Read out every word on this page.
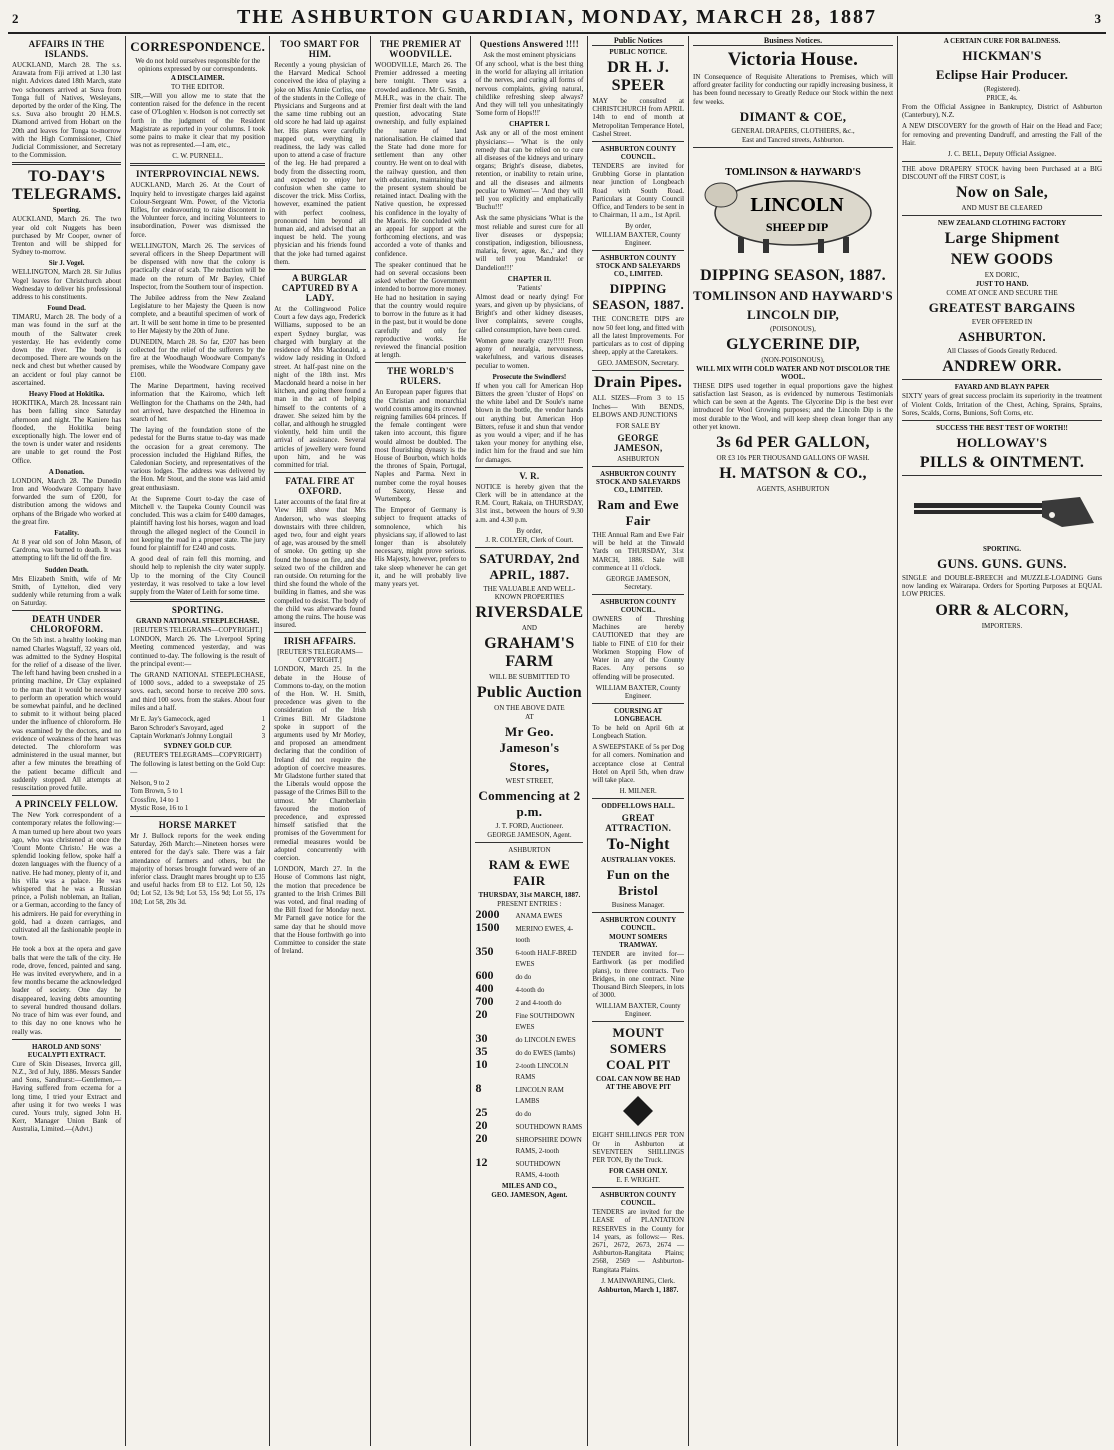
2	THE ASHBURTON GUARDIAN, MONDAY, MARCH 28, 1887	3
AFFAIRS IN THE ISLANDS.

AUCKLAND, March 28. The s.s. Arawata from Fiji arrived at 1.30 last night. Advices dated 18th March, state two schooners arrived at Suva from Tonga full of Natives, Wesleyans, deported by the order of the King. The s.s. Suva also brought 20 H.M.S. Diamond arrived from Hobart on the 20th and leaves for Tonga to-morrow with the High Commissioner, Chief Judicial Commissioner, and Secretary to the Commission.

TO-DAY'S TELEGRAMS.
Sporting.

AUCKLAND, March 26. The two year old colt Nuggets has been purchased by Mr Cooper, owner of Trenton and will be shipped for Sydney to-morrow.

Sir J. Vogel.

WELLINGTON, March 28. Sir Julius Vogel leaves for Christchurch about Wednesday to deliver his professional address to his constituents.

Found Dead.

TIMARU, March 28. The body of a man was found in the surf at the mouth of the Saltwater creek yesterday. He has evidently come down the river. The body is decomposed. There are wounds on the neck and chest but whether caused by an accident or foul play cannot be ascertained.

Heavy Flood at Hokitika.

HOKITIKA, March 28. Incessant rain has been falling since Saturday afternoon and night. The Kaniere has flooded, the Hokitika being exceptionally high. The lower end of the town is under water and residents are unable to get round the Post Office.

A Donation.

LONDON, March 28. The Dunedin Iron and Woodware Company have forwarded the sum of £200, for distribution among the widows and orphans of the Brigade who worked at the great fire.

Fatality.

At 8 year old son of John Mason, of Cardrona, was burned to death. It was attempting to lift the lid off the fire.

Sudden Death.

Mrs Elizabeth Smith, wife of Mr Smith, of Lyttelton, died very suddenly while returning from a walk on Saturday.

DEATH UNDER CHLOROFORM.

On the 5th inst. a healthy looking man named Charles Wagstaff, 32 years old, was admitted to the Sydney Hospital for the relief of a disease of the liver. The left hand having been crushed in a printing machine, Dr Clay explained to the man that it would be necessary to perform an operation which would be somewhat painful, and he declined to submit to it without being placed under the influence of chloroform. He was examined by the doctors, and no evidence of weakness of the heart was detected. The chloroform was administered in the usual manner, but after a few minutes the breathing of the patient became difficult and suddenly stopped. All attempts at resuscitation proved futile.

A PRINCELY FELLOW.

The New York correspondent of a contemporary relates the following:—A man turned up here about two years ago, who was christened at once the 'Count Monte Christo.' He was a splendid looking fellow, spoke half a dozen languages with the fluency of a native. He had money, plenty of it, and his villa was a palace. He was whispered that he was a Russian prince, a Polish nobleman, an Italian, or a German, according to the fancy of his admirers. He paid for everything in gold, had a dozen carriages, and cultivated all the fashionable people in town.

He took a box at the opera and gave balls that were the talk of the city. He rode, drove, fenced, painted and sang. He was invited everywhere, and in a few months became the acknowledged leader of society. One day he disappeared, leaving debts amounting to several hundred thousand dollars. No trace of him was ever found, and to this day no one knows who he really was.

HAROLD AND SONS' EUCALYPTI EXTRACT.

Cure of Skin Diseases, Inverca gill, N.Z., 3rd of July, 1886. Messrs Sander and Sons, Sandhurst:—Gentlemen,—Having suffered from eczema for a long time, I tried your Extract and after using it for two weeks I was cured. Yours truly, signed John H. Kerr, Manager Union Bank of Australia, Limited.—(Advt.)

CORRESPONDENCE.
We do not hold ourselves responsible for the opinions expressed by our correspondents.
A DISCLAIMER.
TO THE EDITOR.

SIR,—Will you allow me to state that the contention raised for the defence in the recent case of O'Loghlen v. Hodson is not correctly set forth in the judgment of the Resident Magistrate as reported in your columns. I took some pains to make it clear that my position was not as represented.—I am, etc.,

C. W. PURNELL.
INTERPROVINCIAL NEWS.

AUCKLAND, March 26. At the Court of Inquiry held to investigate charges laid against Colour-Sergeant Wm. Power, of the Victoria Rifles, for endeavouring to raise discontent in the Volunteer force, and inciting Volunteers to insubordination, Power was dismissed the force.

WELLINGTON, March 26. The services of several officers in the Sheep Department will be dispensed with now that the colony is practically clear of scab. The reduction will be made on the return of Mr Bayley, Chief Inspector, from the Southern tour of inspection.

The Jubilee address from the New Zealand Legislature to her Majesty the Queen is now complete, and a beautiful specimen of work of art. It will be sent home in time to be presented to Her Majesty by the 20th of June.

DUNEDIN, March 28. So far, £207 has been collected for the relief of the sufferers by the fire at the Woodhaugh Woodware Company's premises, while the Woodware Company gave £100.

The Marine Department, having received information that the Kairomo, which left Wellington for the Chathams on the 24th, had not arrived, have despatched the Hinemoa in search of her.

The laying of the foundation stone of the pedestal for the Burns statue to-day was made the occasion for a great ceremony. The procession included the Highland Rifles, the Caledonian Society, and representatives of the various lodges. The address was delivered by the Hon. Mr Stout, and the stone was laid amid great enthusiasm.

At the Supreme Court to-day the case of Mitchell v. the Taupeka County Council was concluded. This was a claim for £400 damages, plaintiff having lost his horses, wagon and load through the alleged neglect of the Council in not keeping the road in a proper state. The jury found for plaintiff for £240 and costs.

A good deal of rain fell this morning, and should help to replenish the city water supply. Up to the morning of the City Council yesterday, it was resolved to take a low level supply from the Water of Leith for some time.

SPORTING.
GRAND NATIONAL STEEPLECHASE.
[REUTER'S TELEGRAMS—COPYRIGHT.]

LONDON, March 26. The Liverpool Spring Meeting commenced yesterday, and was continued to-day. The following is the result of the principal event:—

The GRAND NATIONAL STEEPLECHASE, of 1000 sovs., added to a sweepstake of 25 sovs. each, second horse to receive 200 sovs. and third 100 sovs. from the stakes. About four miles and a half.

Mr E. Jay's Gamecock, aged	1
Baron Schroder's Savoyard, aged	2
Captain Workman's Johnny Longtail	3
SYDNEY GOLD CUP.
(REUTER'S TELEGRAMS—COPYRIGHT)

The following is latest betting on the Gold Cup:—

Nelson, 9 to 2
Tom Brown, 5 to 1
Crossfire, 14 to 1
Mystic Rose, 16 to 1
HORSE MARKET

Mr J. Bullock reports for the week ending Saturday, 26th March:—Nineteen horses were entered for the day's sale. There was a fair attendance of farmers and others, but the majority of horses brought forward were of an inferior class. Draught mares brought up to £35 and useful hacks from £8 to £12. Lot 50, 12s 0d; Lot 52, 13s 9d; Lot 53, 15s 9d; Lot 55, 17s 10d; Lot 58, 20s 3d.

TOO SMART FOR HIM.

Recently a young physician of the Harvard Medical School conceived the idea of playing a joke on Miss Annie Corliss, one of the students in the College of Physicians and Surgeons and at the same time rubbing out an old score he had laid up against her. His plans were carefully mapped out, everything in readiness, the lady was called upon to attend a case of fracture of the leg. He had prepared a body from the dissecting room, and expected to enjoy her confusion when she came to discover the trick. Miss Corliss, however, examined the patient with perfect coolness, pronounced him beyond all human aid, and advised that an inquest be held. The young physician and his friends found that the joke had turned against them.

A BURGLAR CAPTURED BY A LADY.

At the Collingwood Police Court a few days ago, Frederick Williams, supposed to be an expert Sydney burglar, was charged with burglary at the residence of Mrs Macdonald, a widow lady residing in Oxford street. At half-past nine on the night of the 18th inst. Mrs Macdonald heard a noise in her kitchen, and going there found a man in the act of helping himself to the contents of a drawer. She seized him by the collar, and although he struggled violently, held him until the arrival of assistance. Several articles of jewellery were found upon him, and he was committed for trial.

FATAL FIRE AT OXFORD.

Later accounts of the fatal fire at View Hill show that Mrs Anderson, who was sleeping downstairs with three children, aged two, four and eight years of age, was aroused by the smell of smoke. On getting up she found the house on fire, and she seized two of the children and ran outside. On returning for the third she found the whole of the building in flames, and she was compelled to desist. The body of the child was afterwards found among the ruins. The house was insured.

IRISH AFFAIRS.
[REUTER'S TELEGRAMS—COPYRIGHT.]

LONDON, March 25. In the debate in the House of Commons to-day, on the motion of the Hon. W. H. Smith, precedence was given to the consideration of the Irish Crimes Bill. Mr Gladstone spoke in support of the arguments used by Mr Morley, and proposed an amendment declaring that the condition of Ireland did not require the adoption of coercive measures. Mr Gladstone further stated that the Liberals would oppose the passage of the Crimes Bill to the utmost. Mr Chamberlain favoured the motion of precedence, and expressed himself satisfied that the promises of the Government for remedial measures would be adopted concurrently with coercion.

LONDON, March 27. In the House of Commons last night, the motion that precedence be granted to the Irish Crimes Bill was voted, and final reading of the Bill fixed for Monday next. Mr Parnell gave notice for the same day that he should move that the House forthwith go into Committee to consider the state of Ireland.

THE PREMIER AT WOODVILLE.

WOODVILLE, March 26. The Premier addressed a meeting here tonight. There was a crowded audience. Mr G. Smith, M.H.R., was in the chair. The Premier first dealt with the land question, advocating State ownership, and fully explained the nature of land nationalisation. He claimed that the State had done more for settlement than any other country. He went on to deal with the railway question, and then with education, maintaining that the present system should be retained intact. Dealing with the Native question, he expressed his confidence in the loyalty of the Maoris. He concluded with an appeal for support at the forthcoming elections, and was accorded a vote of thanks and confidence.

The speaker continued that he had on several occasions been asked whether the Government intended to borrow more money. He had no hesitation in saying that the country would require to borrow in the future as it had in the past, but it would be done carefully and only for reproductive works. He reviewed the financial position at length.

THE WORLD'S RULERS.

An European paper figures that the Christian and monarchial world counts among its crowned reigning families 604 princes. If the female contingent were taken into account, this figure would almost be doubled. The most flourishing dynasty is the House of Bourbon, which holds the thrones of Spain, Portugal, Naples and Parma. Next in number come the royal houses of Saxony, Hesse and Wurtemberg.

The Emperor of Germany is subject to frequent attacks of somnolence, which his physicians say, if allowed to last longer than is absolutely necessary, might prove serious. His Majesty, however, prefers to take sleep whenever he can get it, and he will probably live many years yet.

Questions Answered !!!!
Ask the most eminent physicians

Of any school, what is the best thing in the world for allaying all irritation of the nerves, and curing all forms of nervous complaints, giving natural, childlike refreshing sleep always? And they will tell you unhesitatingly 'Some form of Hops!!!'

CHAPTER I.

Ask any or all of the most eminent physicians:— 'What is the only remedy that can be relied on to cure all diseases of the kidneys and urinary organs; Bright's disease, diabetes, retention, or inability to retain urine, and all the diseases and ailments peculiar to Women'— 'And they will tell you explicitly and emphatically 'Buchu!!!'

Ask the same physicians 'What is the most reliable and surest cure for all liver diseases or dyspepsia; constipation, indigestion, biliousness, malaria, fever, ague, &c.,' and they will tell you 'Mandrake! or Dandelion!!!'

CHAPTER II.
'Patients'

Almost dead or nearly dying! For years, and given up by physicians, of Bright's and other kidney diseases, liver complaints, severe coughs, called consumption, have been cured.

Women gone nearly crazy!!!!! From agony of neuralgia, nervousness, wakefulness, and various diseases peculiar to women.

Prosecute the Swindlers!

If when you call for American Hop Bitters the green 'cluster of Hops' on the white label and Dr Soule's name blown in the bottle, the vendor hands out anything but American Hop Bitters, refuse it and shun that vendor as you would a viper; and if he has taken your money for anything else, indict him for the fraud and sue him for damages.

V. R.

NOTICE is hereby given that the Clerk will be in attendance at the R.M. Court, Rakaia, on THURSDAY, 31st inst., between the hours of 9.30 a.m. and 4.30 p.m.

By order,
J. R. COLYER, Clerk of Court.
SATURDAY, 2nd APRIL, 1887.
THE VALUABLE AND WELL-KNOWN PROPERTIES
RIVERSDALE
AND
GRAHAM'S FARM
WILL BE SUBMITTED TO
Public Auction
ON THE ABOVE DATE
AT
Mr Geo. Jameson's
Stores,
WEST STREET,
Commencing at 2 p.m.
J. T. FORD, Auctioneer.
GEORGE JAMESON, Agent.
ASHBURTON
RAM & EWE FAIR
THURSDAY, 31st MARCH, 1887.
PRESENT ENTRIES :
2000	ANAMA EWES
1500	MERINO EWES, 4-tooth
350	6-tooth HALF-BRED EWES
600	do do
400	4-tooth do
700	2 and 4-tooth do
20	Fine SOUTHDOWN EWES
30	do LINCOLN EWES
35	do do EWES (lambs)
10	2-tooth LINCOLN RAMS
8	LINCOLN RAM LAMBS
25	do do
20	SOUTHDOWN RAMS
20	SHROPSHIRE DOWN RAMS, 2-tooth
12	SOUTHDOWN RAMS, 4-tooth
MILES AND CO.,
GEO. JAMESON, Agent.
Public Notices
PUBLIC NOTICE.
DR H. J. SPEER

MAY be consulted at CHRISTCHURCH from APRIL 14th to end of month at Metropolitan Temperance Hotel, Cashel Street.

ASHBURTON COUNTY COUNCIL.

TENDERS are invited for Grubbing Gorse in plantation near junction of Longbeach Road with South Road. Particulars at County Council Office, and Tenders to be sent in to Chairman, 11 a.m., 1st April.

By order,
WILLIAM BAXTER, County Engineer.
ASHBURTON COUNTY STOCK AND SALEYARDS CO., LIMITED.
DIPPING SEASON, 1887.

THE CONCRETE DIPS are now 50 feet long, and fitted with all the latest Improvements. For particulars as to cost of dipping sheep, apply at the Caretakers.

GEO. JAMESON, Secretary.
Drain Pipes.

ALL SIZES—From 3 to 15 Inches— With BENDS, ELBOWS AND JUNCTIONS

FOR SALE BY
GEORGE JAMESON,
ASHBURTON
ASHBURTON COUNTY STOCK AND SALEYARDS CO., LIMITED.
Ram and Ewe Fair

THE Annual Ram and Ewe Fair will be held at the Tinwald Yards on THURSDAY, 31st MARCH, 1886. Sale will commence at 11 o'clock.

GEORGE JAMESON, Secretary.
ASHBURTON COUNTY COUNCIL.

OWNERS of Threshing Machines are hereby CAUTIONED that they are liable to FINE of £10 for their Workmen Stopping Flow of Water in any of the County Races. Any persons so offending will be prosecuted.

WILLIAM BAXTER, County Engineer.
COURSING AT LONGBEACH.

To be held on April 6th at Longbeach Station.

A SWEEPSTAKE of 5s per Dog for all comers. Nomination and acceptance close at Central Hotel on April 5th, when draw will take place.

H. MILNER.
ODDFELLOWS HALL.
GREAT ATTRACTION.
To-Night
AUSTRALIAN VOKES.
Fun on the Bristol
Business Manager.
ASHBURTON COUNTY COUNCIL.
MOUNT SOMERS TRAMWAY.

TENDER are invited for— Earthwork (as per modified plans), to three contracts. Two Bridges, in one contract. Nine Thousand Birch Sleepers, in lots of 3000.

WILLIAM BAXTER, County Engineer.
MOUNT SOMERS COAL PIT
COAL CAN NOW BE HAD AT THE ABOVE PIT

EIGHT SHILLINGS PER TON Or in Ashburton at SEVENTEEN SHILLINGS PER TON, By the Truck.

FOR CASH ONLY.
E. F. WRIGHT.
ASHBURTON COUNTY COUNCIL.

TENDERS are invited for the LEASE of PLANTATION RESERVES in the County for 14 years, as follows:— Res. 2671, 2672, 2673, 2674 — Ashburton-Rangitata Plains; 2568, 2569 — Ashburton-Rangitata Plains.

J. MAINWARING, Clerk.
Ashburton, March 1, 1887.
Business Notices.
Victoria House.

IN Consequence of Requisite Alterations to Premises, which will afford greater facility for conducting our rapidly increasing business, it has been found necessary to Greatly Reduce our Stock within the next few weeks.

DIMANT & COE,
GENERAL DRAPERS, CLOTHIERS, &c.,
East and Tancred streets, Ashburton.
TOMLINSON & HAYWARD'S
LINCOLN
SHEEP DIP
DIPPING SEASON, 1887.
TOMLINSON AND HAYWARD'S
LINCOLN DIP,
(POISONOUS),
GLYCERINE DIP,
(NON-POISONOUS),
WILL MIX WITH COLD WATER AND NOT DISCOLOR THE WOOL.

THESE DIPS used together in equal proportions gave the highest satisfaction last Season, as is evidenced by numerous Testimonials which can be seen at the Agents. The Glycerine Dip is the best ever introduced for Wool Growing purposes; and the Lincoln Dip is the most durable to the Wool, and will keep sheep clean longer than any other yet known.

3s 6d PER GALLON,
OR £3 10s PER THOUSAND GALLONS OF WASH.
H. MATSON & CO.,
AGENTS, ASHBURTON
A CERTAIN CURE FOR BALDNESS.
HICKMAN'S
Eclipse Hair Producer.
(Registered).
PRICE, 4s.

From the Official Assignee in Bankruptcy, District of Ashburton (Canterbury), N.Z.

A NEW DISCOVERY for the growth of Hair on the Head and Face; for removing and preventing Dandruff, and arresting the Fall of the Hair.

J. C. BELL, Deputy Official Assignee.

THE above DRAPERY STOCK having been Purchased at a BIG DISCOUNT off the FIRST COST, is

Now on Sale,
AND MUST BE CLEARED
NEW ZEALAND CLOTHING FACTORY
Large Shipment
NEW GOODS
EX DORIC,
JUST TO HAND.
COME AT ONCE AND SECURE THE
GREATEST BARGAINS
EVER OFFERED IN
ASHBURTON.
All Classes of Goods Greatly Reduced.
ANDREW ORR.
FAYARD AND BLAYN PAPER

SIXTY years of great success proclaim its superiority in the treatment of Violent Colds, Irritation of the Chest, Aching, Sprains, Sprains, Sores, Scalds, Corns, Bunions, Soft Corns, etc.

SUCCESS THE BEST TEST OF WORTH!!
HOLLOWAY'S
PILLS & OINTMENT.
SPORTING.
GUNS. GUNS. GUNS.

SINGLE and DOUBLE-BREECH and MUZZLE-LOADING Guns now landing ex Wairarapa. Orders for Sporting Purposes at EQUAL LOW PRICES.

ORR & ALCORN,
IMPORTERS.
